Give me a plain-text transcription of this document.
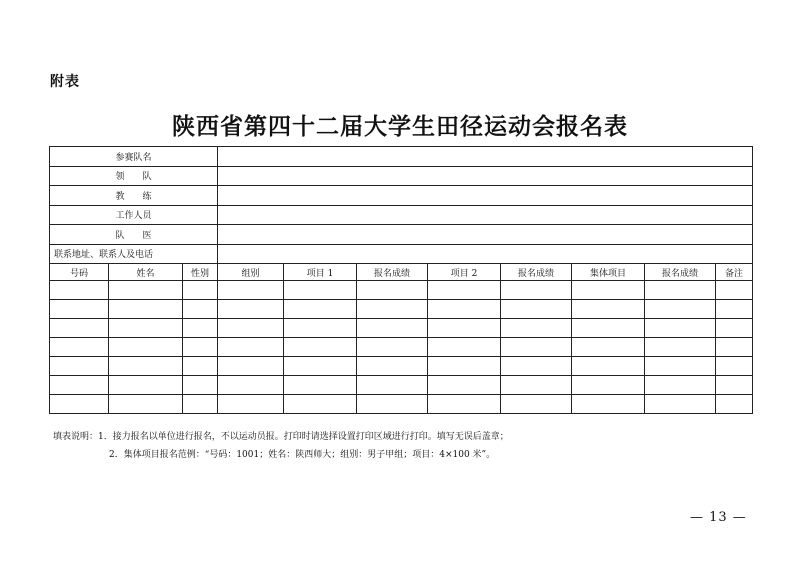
附表
陕西省第四十二届大学生田径运动会报名表
参赛队名										
领　　队										
教　　练										
工作人员										
队　　医										
联系地址、联系人及电话										
号码	姓名	性别	组别	项目 1	报名成绩	项目 2	报名成绩	集体项目	报名成绩	备注

填表说明：1．接力报名以单位进行报名，不以运动员报。打印时请选择设置打印区域进行打印。填写无误后盖章；
2．集体项目报名范例：“号码：1001；姓名：陕西师大；组别：男子甲组；项目：4×100 米”。
— 13 —
